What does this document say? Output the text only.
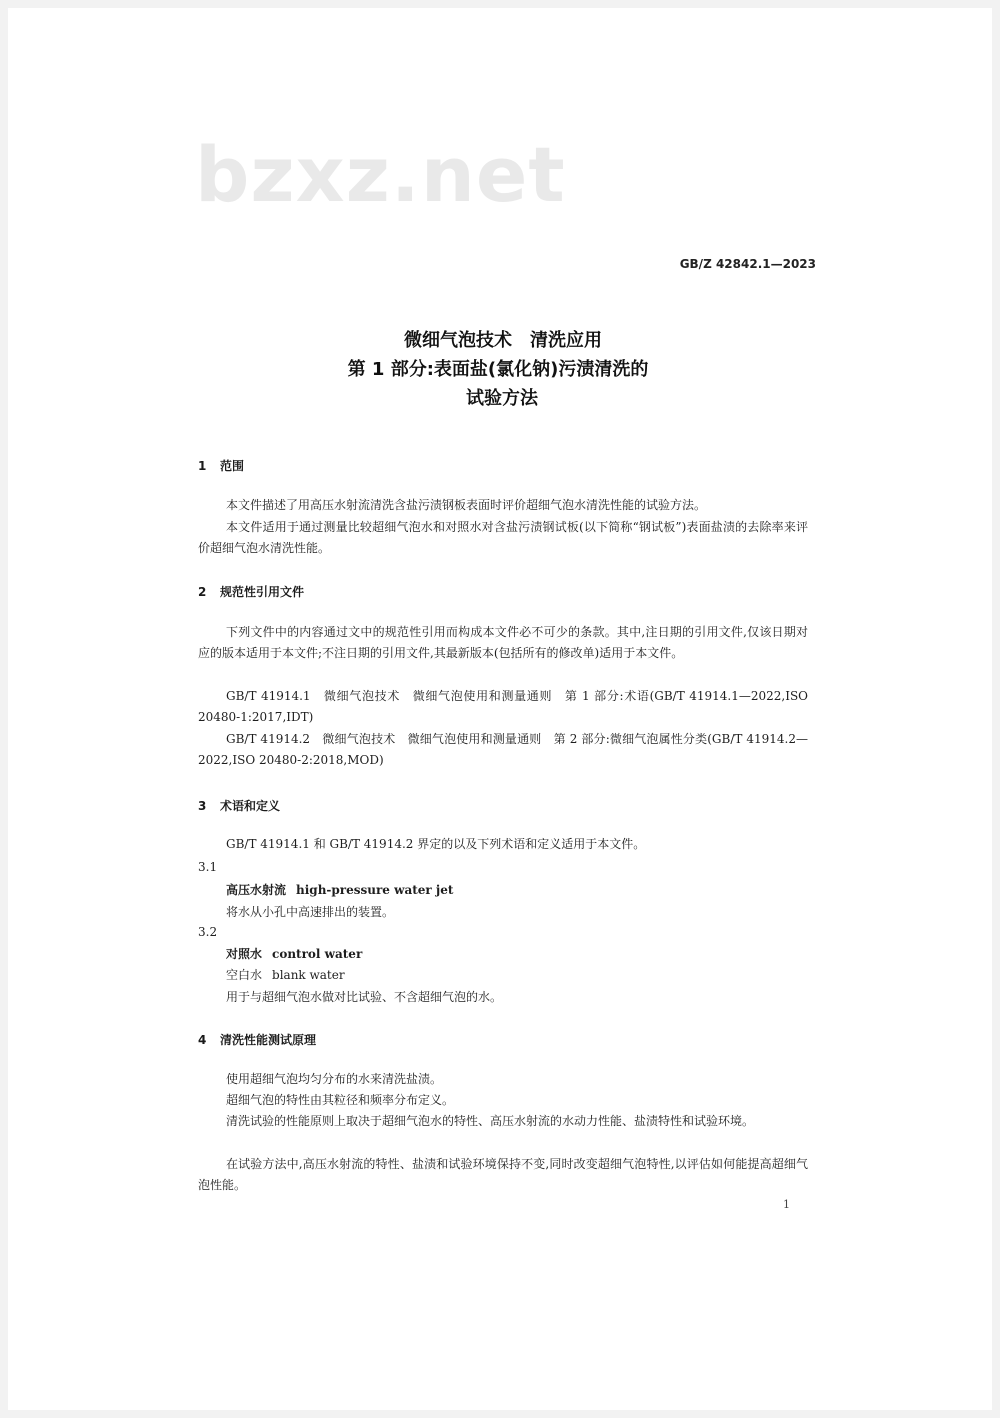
bzxz.net
GB/Z 42842.1—2023
微细气泡技术　清洗应用
第 1 部分:表面盐(氯化钠)污渍清洗的
试验方法
1 范围
本文件描述了用高压水射流清洗含盐污渍钢板表面时评价超细气泡水清洗性能的试验方法。
本文件适用于通过测量比较超细气泡水和对照水对含盐污渍钢试板(以下简称“钢试板”)表面盐渍的去除率来评价超细气泡水清洗性能。
2 规范性引用文件
下列文件中的内容通过文中的规范性引用而构成本文件必不可少的条款。其中,注日期的引用文件,仅该日期对应的版本适用于本文件;不注日期的引用文件,其最新版本(包括所有的修改单)适用于本文件。
GB/T 41914.1　微细气泡技术　微细气泡使用和测量通则　第 1 部分:术语(GB/T 41914.1—2022,ISO 20480-1:2017,IDT)
GB/T 41914.2　微细气泡技术　微细气泡使用和测量通则　第 2 部分:微细气泡属性分类(GB/T 41914.2—2022,ISO 20480-2:2018,MOD)
3 术语和定义
GB/T 41914.1 和 GB/T 41914.2 界定的以及下列术语和定义适用于本文件。
3.1
高压水射流 high-pressure water jet
将水从小孔中高速排出的装置。
3.2
对照水 control water
空白水 blank water
用于与超细气泡水做对比试验、不含超细气泡的水。
4 清洗性能测试原理
使用超细气泡均匀分布的水来清洗盐渍。
超细气泡的特性由其粒径和频率分布定义。
清洗试验的性能原则上取决于超细气泡水的特性、高压水射流的水动力性能、盐渍特性和试验环境。
在试验方法中,高压水射流的特性、盐渍和试验环境保持不变,同时改变超细气泡特性,以评估如何能提高超细气泡性能。
1
